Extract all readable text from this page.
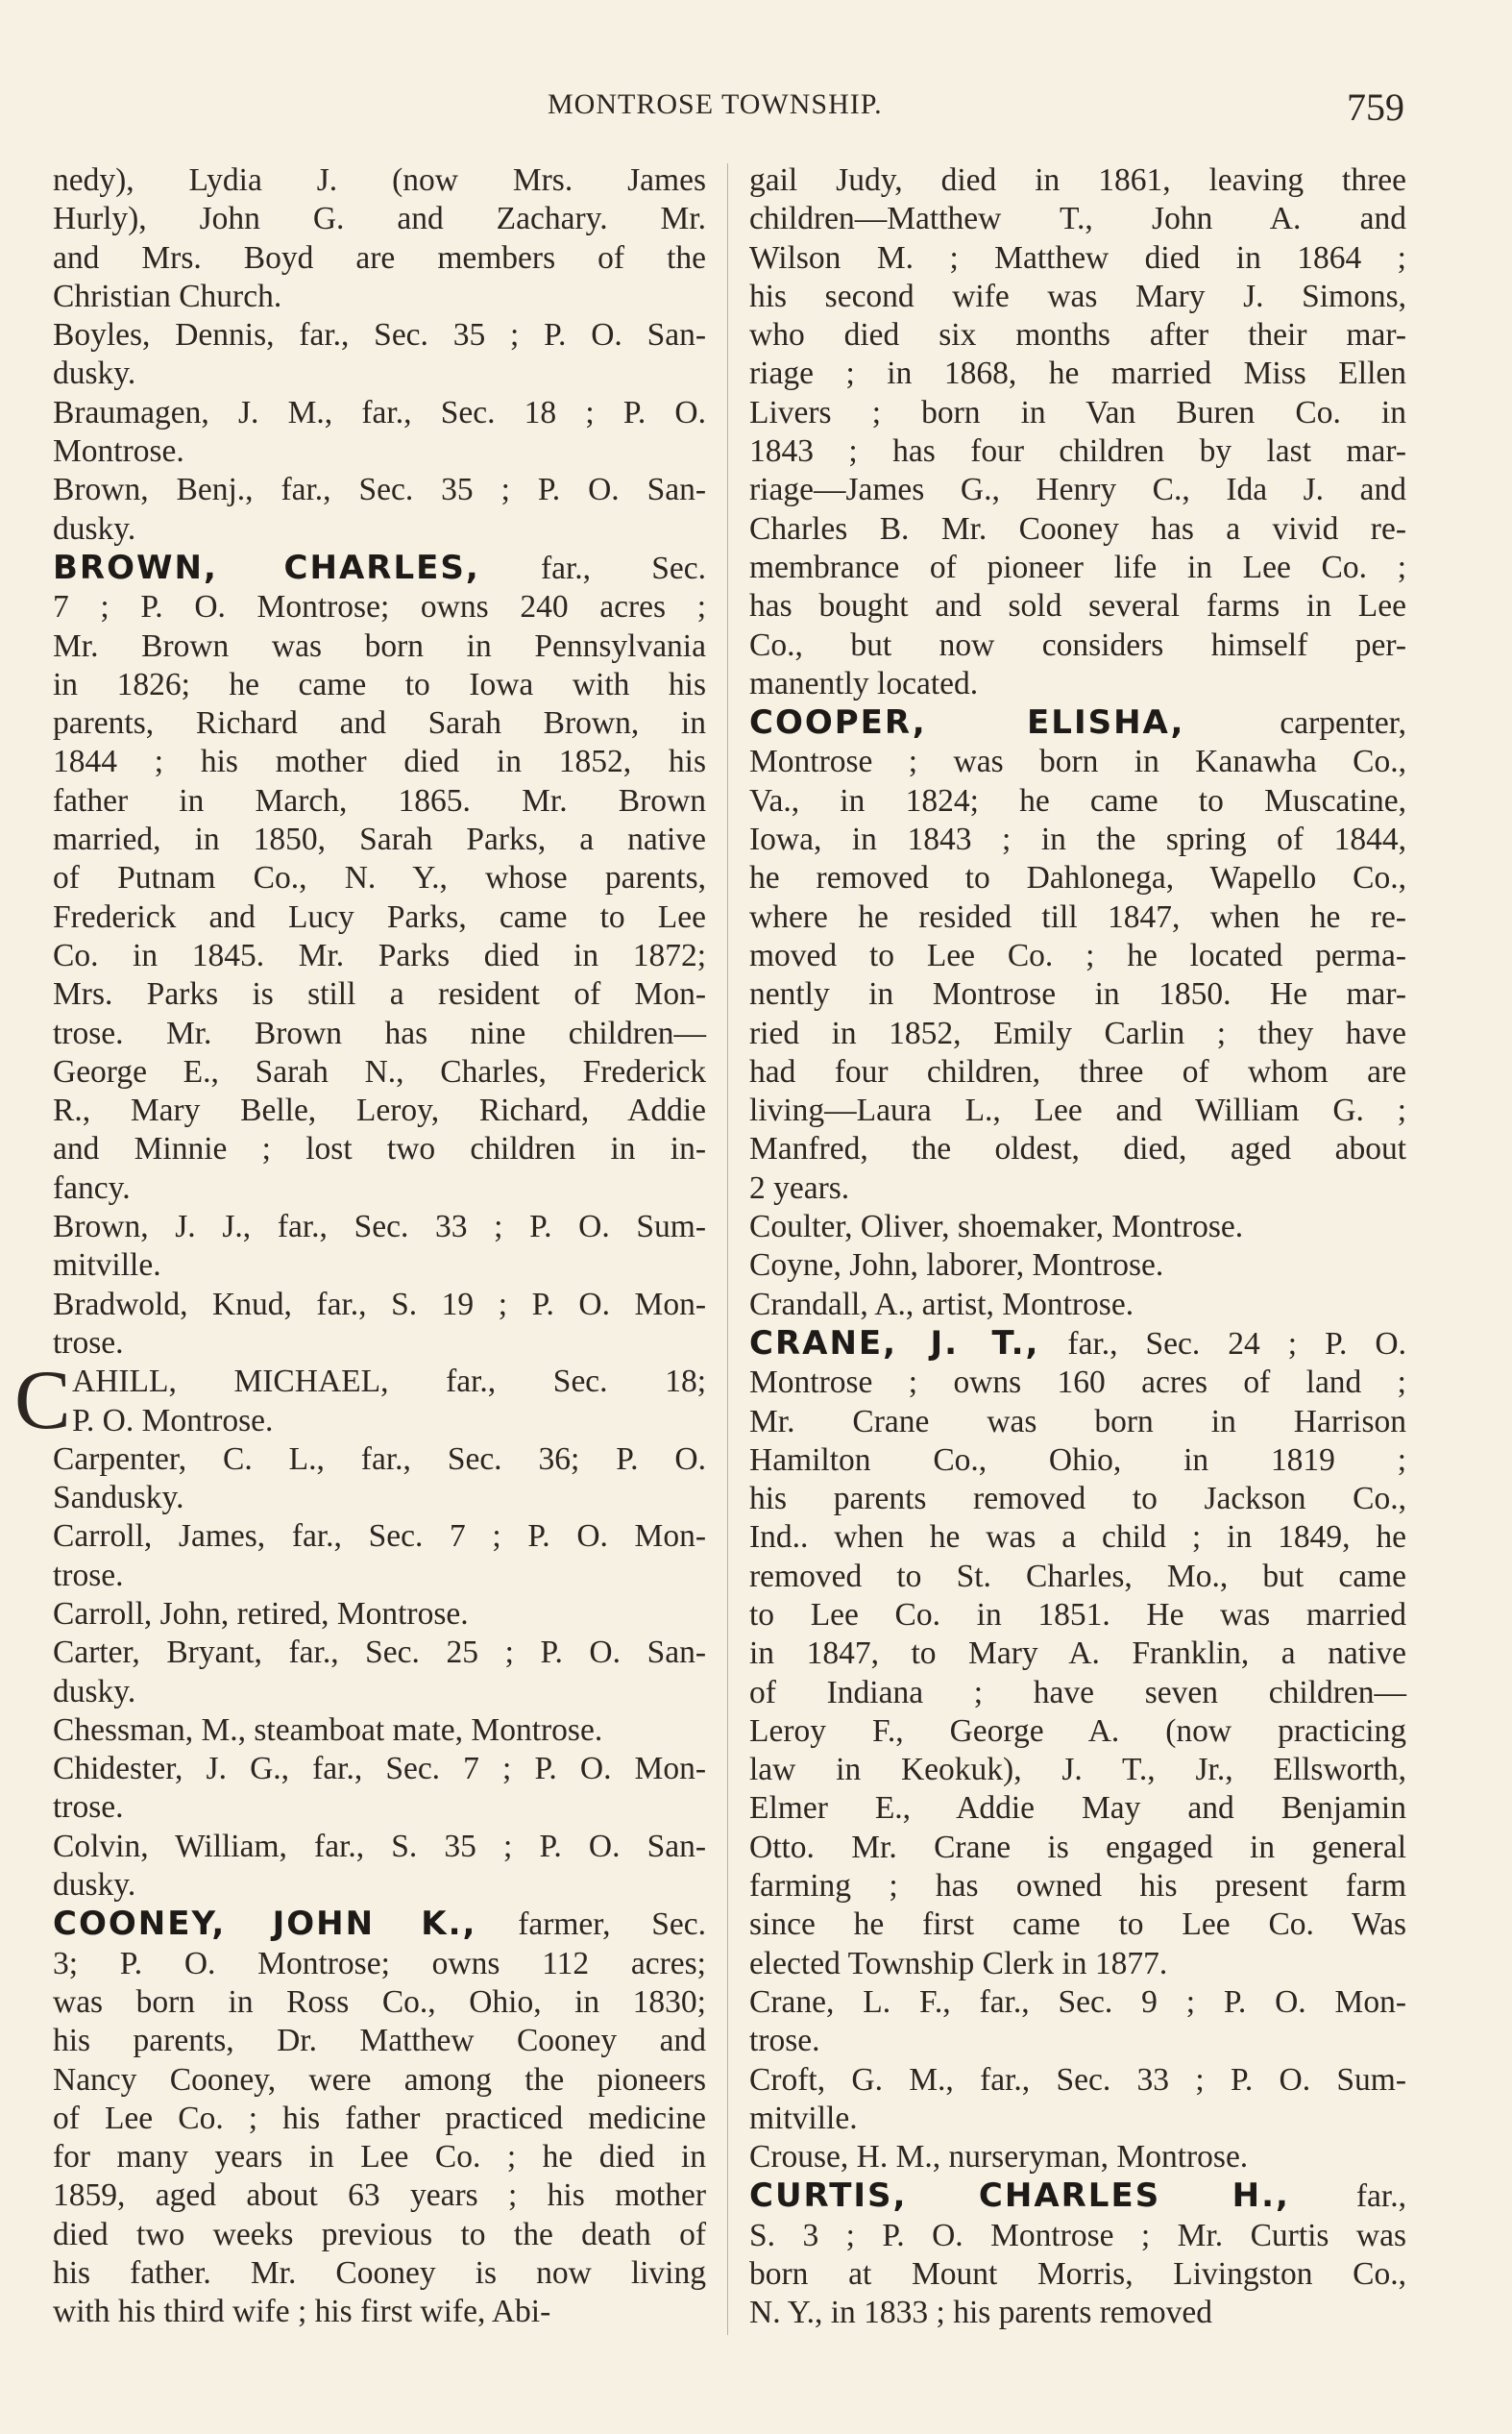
MONTROSE TOWNSHIP.	759
nedy), Lydia J. (now Mrs. James
Hurly), John G. and Zachary. Mr.
and Mrs. Boyd are members of the
Christian Church.
Boyles, Dennis, far., Sec. 35 ; P. O. San-
dusky.
Braumagen, J. M., far., Sec. 18 ; P. O.
Montrose.
Brown, Benj., far., Sec. 35 ; P. O. San-
dusky.
BROWN, CHARLES, far., Sec.
7 ; P. O. Montrose; owns 240 acres ;
Mr. Brown was born in Pennsylvania
in 1826; he came to Iowa with his
parents, Richard and Sarah Brown, in
1844 ; his mother died in 1852, his
father in March, 1865. Mr. Brown
married, in 1850, Sarah Parks, a native
of Putnam Co., N. Y., whose parents,
Frederick and Lucy Parks, came to Lee
Co. in 1845. Mr. Parks died in 1872;
Mrs. Parks is still a resident of Mon-
trose. Mr. Brown has nine children—
George E., Sarah N., Charles, Frederick
R., Mary Belle, Leroy, Richard, Addie
and Minnie ; lost two children in in-
fancy.
Brown, J. J., far., Sec. 33 ; P. O. Sum-
mitville.
Bradwold, Knud, far., S. 19 ; P. O. Mon-
trose.
C AHILL, MICHAEL, far., Sec. 18;
P. O. Montrose.
Carpenter, C. L., far., Sec. 36; P. O.
Sandusky.
Carroll, James, far., Sec. 7 ; P. O. Mon-
trose.
Carroll, John, retired, Montrose.
Carter, Bryant, far., Sec. 25 ; P. O. San-
dusky.
Chessman, M., steamboat mate, Montrose.
Chidester, J. G., far., Sec. 7 ; P. O. Mon-
trose.
Colvin, William, far., S. 35 ; P. O. San-
dusky.
COONEY, JOHN K., farmer, Sec.
3; P. O. Montrose; owns 112 acres;
was born in Ross Co., Ohio, in 1830;
his parents, Dr. Matthew Cooney and
Nancy Cooney, were among the pioneers
of Lee Co. ; his father practiced medicine
for many years in Lee Co. ; he died in
1859, aged about 63 years ; his mother
died two weeks previous to the death of
his father. Mr. Cooney is now living
with his third wife ; his first wife, Abi-
gail Judy, died in 1861, leaving three
children—Matthew T., John A. and
Wilson M. ; Matthew died in 1864 ;
his second wife was Mary J. Simons,
who died six months after their mar-
riage ; in 1868, he married Miss Ellen
Livers ; born in Van Buren Co. in
1843 ; has four children by last mar-
riage—James G., Henry C., Ida J. and
Charles B. Mr. Cooney has a vivid re-
membrance of pioneer life in Lee Co. ;
has bought and sold several farms in Lee
Co., but now considers himself per-
manently located.
COOPER, ELISHA, carpenter,
Montrose ; was born in Kanawha Co.,
Va., in 1824; he came to Muscatine,
Iowa, in 1843 ; in the spring of 1844,
he removed to Dahlonega, Wapello Co.,
where he resided till 1847, when he re-
moved to Lee Co. ; he located perma-
nently in Montrose in 1850. He mar-
ried in 1852, Emily Carlin ; they have
had four children, three of whom are
living—Laura L., Lee and William G. ;
Manfred, the oldest, died, aged about
2 years.
Coulter, Oliver, shoemaker, Montrose.
Coyne, John, laborer, Montrose.
Crandall, A., artist, Montrose.
CRANE, J. T., far., Sec. 24 ; P. O.
Montrose ; owns 160 acres of land ;
Mr. Crane was born in Harrison
Hamilton Co., Ohio, in 1819 ;
his parents removed to Jackson Co.,
Ind.. when he was a child ; in 1849, he
removed to St. Charles, Mo., but came
to Lee Co. in 1851. He was married
in 1847, to Mary A. Franklin, a native
of Indiana ; have seven children—
Leroy F., George A. (now practicing
law in Keokuk), J. T., Jr., Ellsworth,
Elmer E., Addie May and Benjamin
Otto. Mr. Crane is engaged in general
farming ; has owned his present farm
since he first came to Lee Co. Was
elected Township Clerk in 1877.
Crane, L. F., far., Sec. 9 ; P. O. Mon-
trose.
Croft, G. M., far., Sec. 33 ; P. O. Sum-
mitville.
Crouse, H. M., nurseryman, Montrose.
CURTIS, CHARLES H., far.,
S. 3 ; P. O. Montrose ; Mr. Curtis was
born at Mount Morris, Livingston Co.,
N. Y., in 1833 ; his parents removed
